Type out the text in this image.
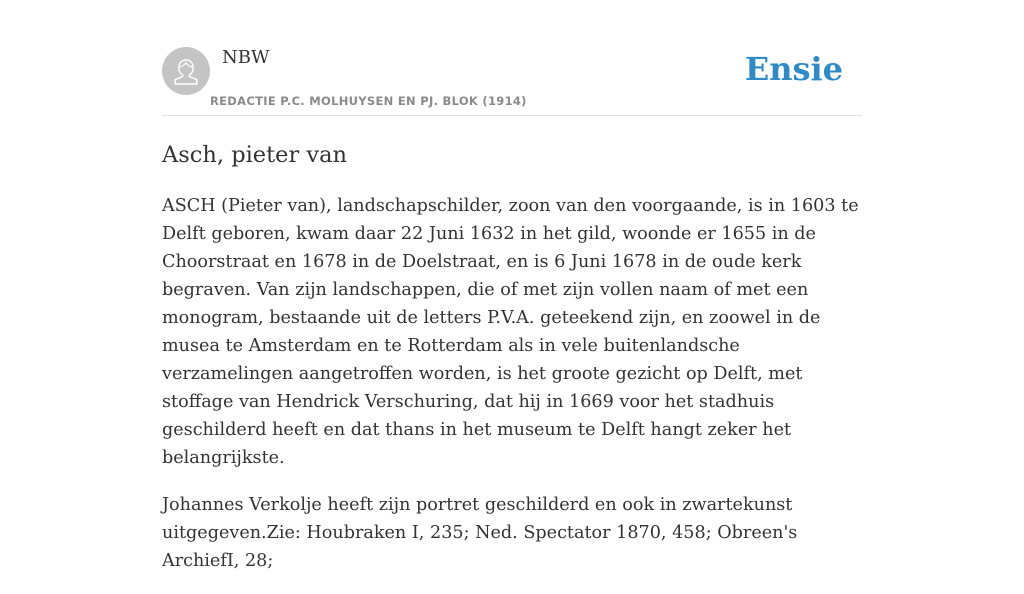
NBW
REDACTIE P.C. MOLHUYSEN EN PJ. BLOK (1914)
Ensie
Asch, pieter van

ASCH (Pieter van), landschapschilder, zoon van den voorgaande, is in 1603 te Delft geboren, kwam daar 22 Juni 1632 in het gild, woonde er 1655 in de Choorstraat en 1678 in de Doelstraat, en is 6 Juni 1678 in de oude kerk begraven. Van zijn landschappen, die of met zijn vollen naam of met een monogram, bestaande uit de letters P.V.A. geteekend zijn, en zoowel in de musea te Amsterdam en te Rotterdam als in vele buitenlandsche verzamelingen aangetroffen worden, is het groote gezicht op Delft, met stoffage van Hendrick Verschuring, dat hij in 1669 voor het stadhuis geschilderd heeft en dat thans in het museum te Delft hangt zeker het belangrijkste.

Johannes Verkolje heeft zijn portret geschilderd en ook in zwartekunst uitgegeven.Zie: Houbraken I, 235; Ned. Spectator 1870, 458; Obreen's ArchiefI, 28;
